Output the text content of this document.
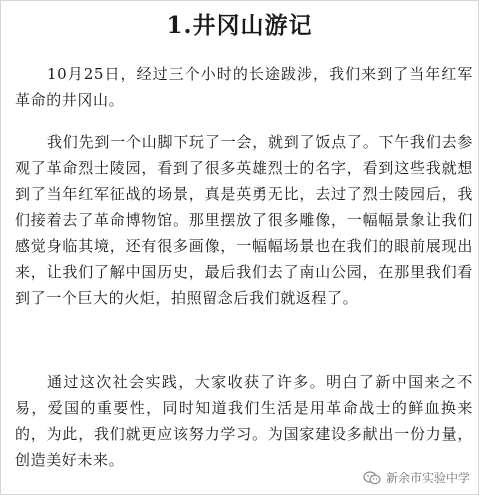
1.井冈山游记

10月25日，经过三个小时的长途跋涉，我们来到了当年红军革命的井冈山。

我们先到一个山脚下玩了一会，就到了饭点了。下午我们去参观了革命烈士陵园，看到了很多英雄烈士的名字，看到这些我就想到了当年红军征战的场景，真是英勇无比，去过了烈士陵园后，我们接着去了革命博物馆。那里摆放了很多雕像，一幅幅景象让我们感觉身临其境，还有很多画像，一幅幅场景也在我们的眼前展现出来，让我们了解中国历史，最后我们去了南山公园，在那里我们看到了一个巨大的火炬，拍照留念后我们就返程了。

通过这次社会实践，大家收获了许多。明白了新中国来之不易，爱国的重要性，同时知道我们生活是用革命战士的鲜血换来的，为此，我们就更应该努力学习。为国家建设多献出一份力量，创造美好未来。

新余市实验中学
